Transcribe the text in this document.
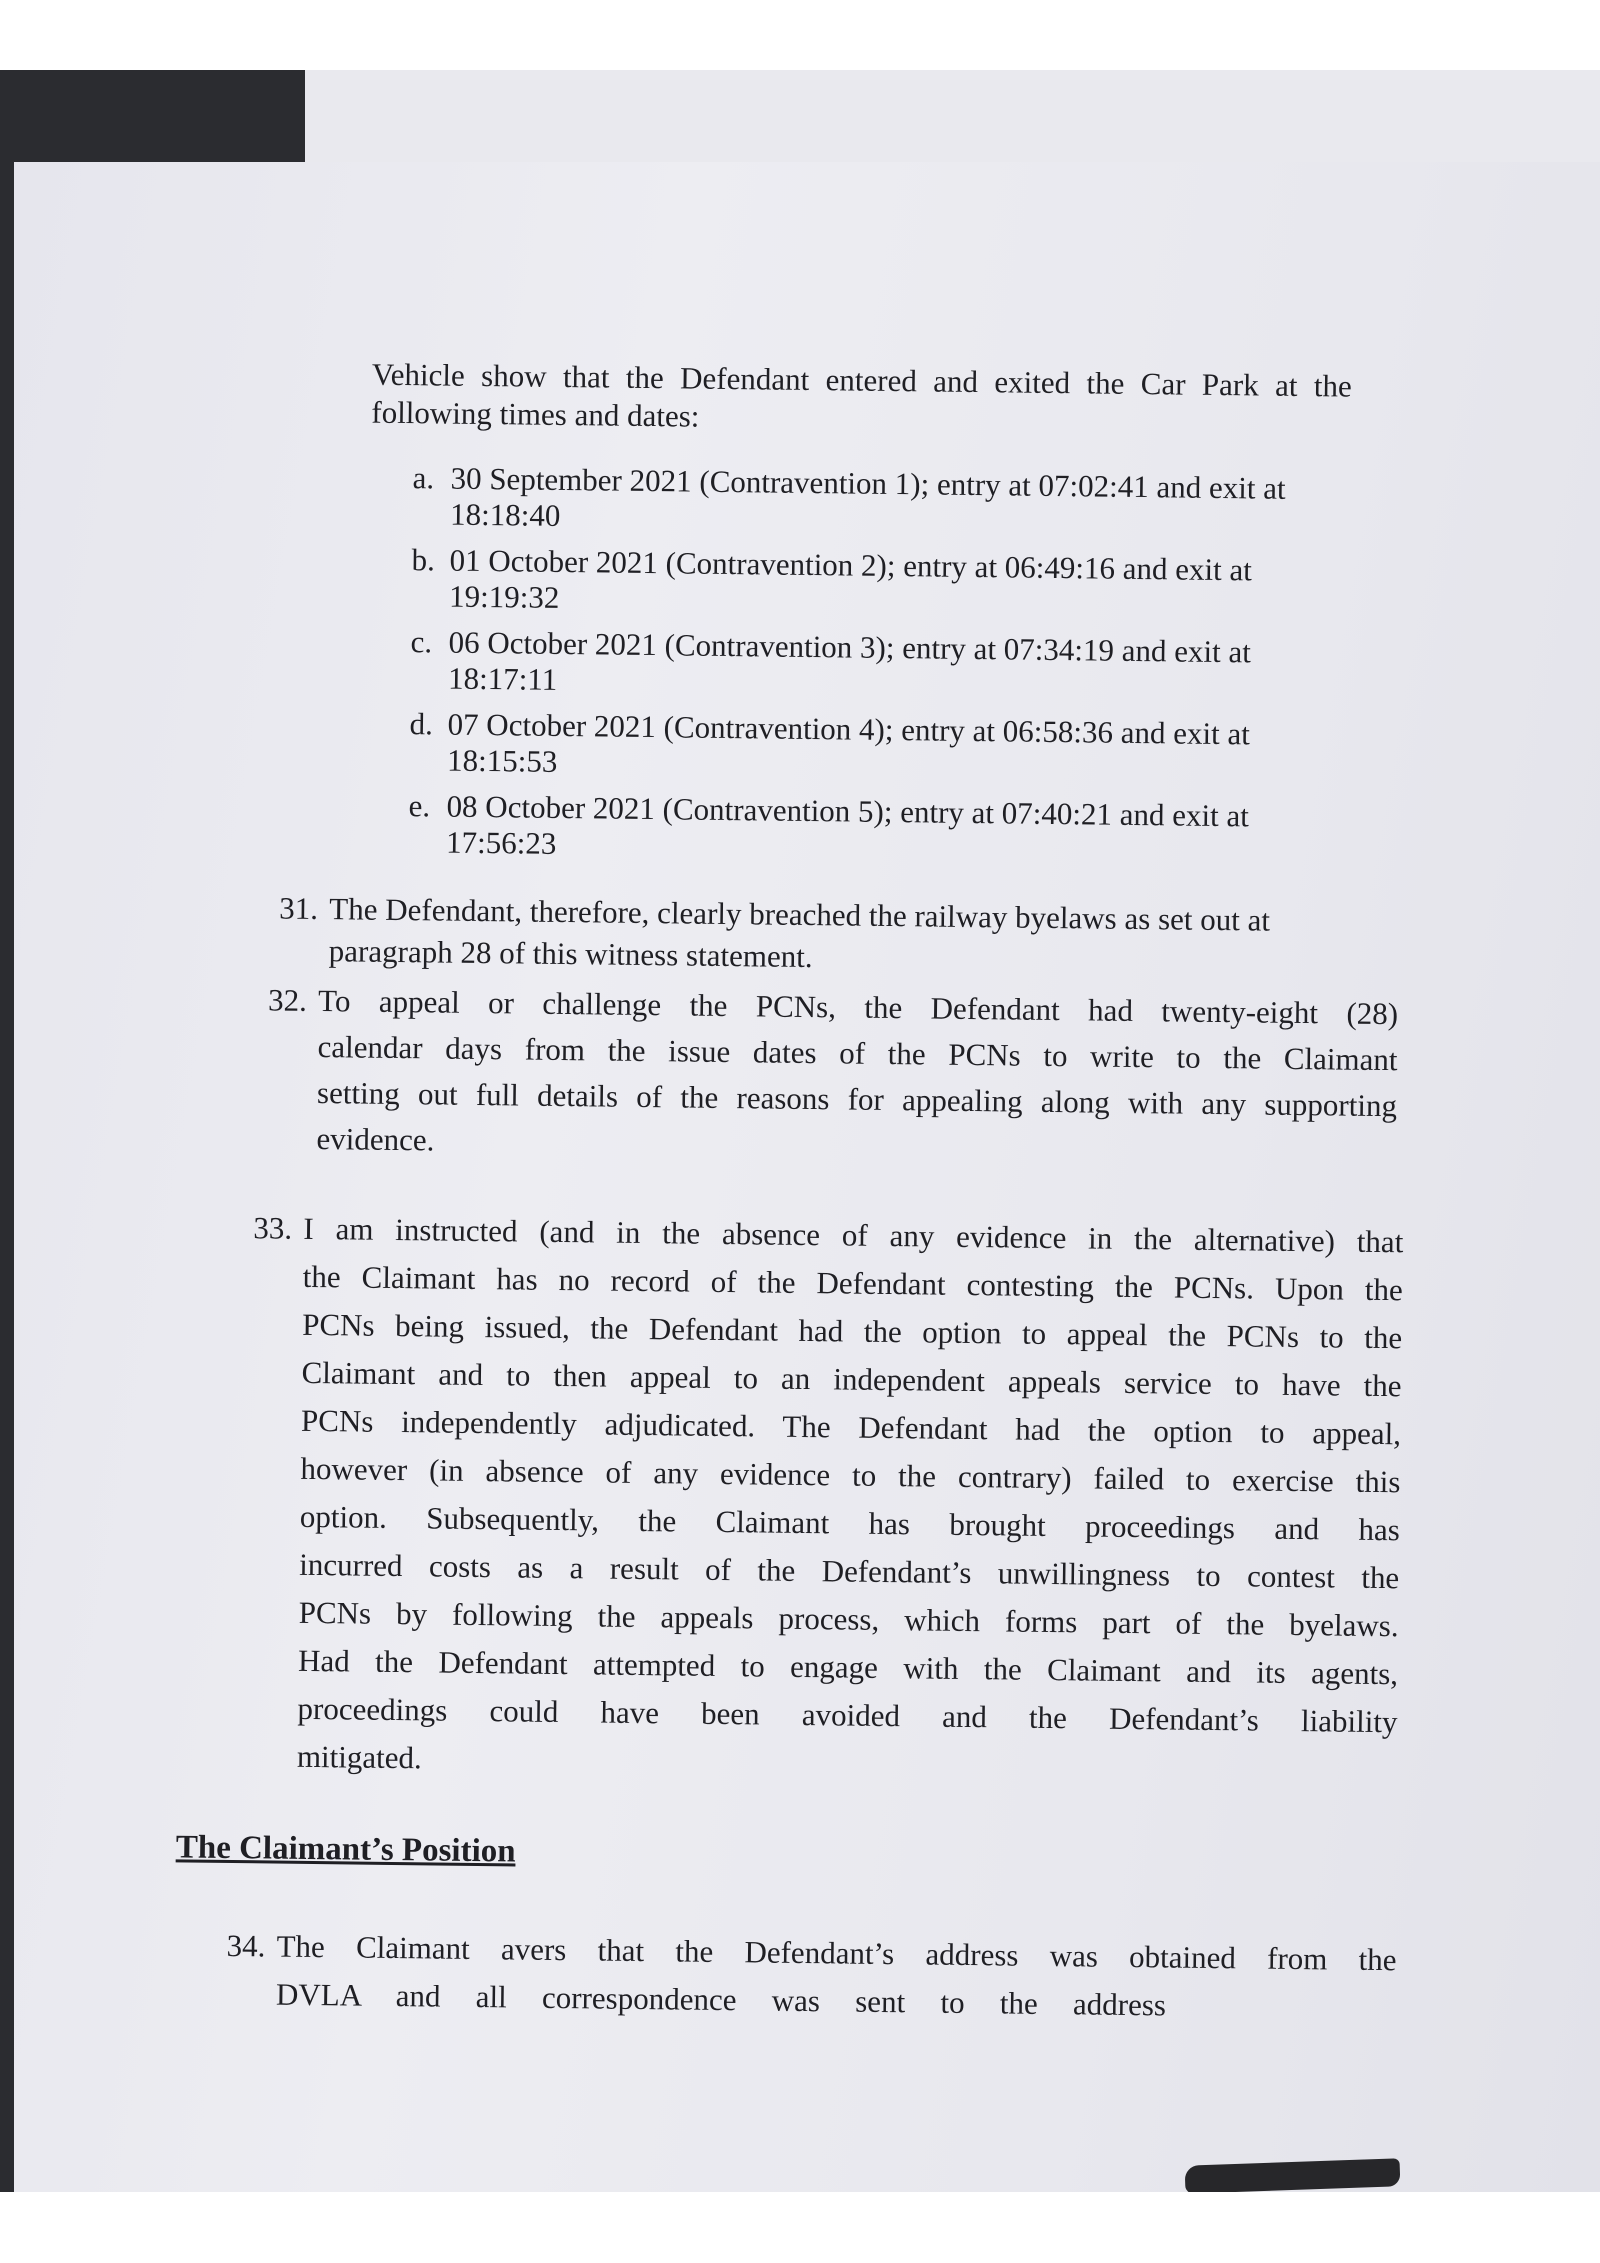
Vehicle show that the Defendant entered and exited the Car Park at the
following times and dates:
a. 30 September 2021 (Contravention 1); entry at 07:02:41 and exit at
18:18:40
b. 01 October 2021 (Contravention 2); entry at 06:49:16 and exit at
19:19:32
c. 06 October 2021 (Contravention 3); entry at 07:34:19 and exit at
18:17:11
d. 07 October 2021 (Contravention 4); entry at 06:58:36 and exit at
18:15:53
e. 08 October 2021 (Contravention 5); entry at 07:40:21 and exit at
17:56:23
31. The Defendant, therefore, clearly breached the railway byelaws as set out at
paragraph 28 of this witness statement.
32. To appeal or challenge the PCNs, the Defendant had twenty-eight (28)
calendar days from the issue dates of the PCNs to write to the Claimant
setting out full details of the reasons for appealing along with any supporting
evidence.
33. I am instructed (and in the absence of any evidence in the alternative) that
the Claimant has no record of the Defendant contesting the PCNs. Upon the
PCNs being issued, the Defendant had the option to appeal the PCNs to the
Claimant and to then appeal to an independent appeals service to have the
PCNs independently adjudicated. The Defendant had the option to appeal,
however (in absence of any evidence to the contrary) failed to exercise this
option. Subsequently, the Claimant has brought proceedings and has
incurred costs as a result of the Defendant’s unwillingness to contest the
PCNs by following the appeals process, which forms part of the byelaws.
Had the Defendant attempted to engage with the Claimant and its agents,
proceedings could have been avoided and the Defendant’s liability
mitigated.
The Claimant’s Position
34. The Claimant avers that the Defendant’s address was obtained from the
DVLA and all correspondence was sent to the address
